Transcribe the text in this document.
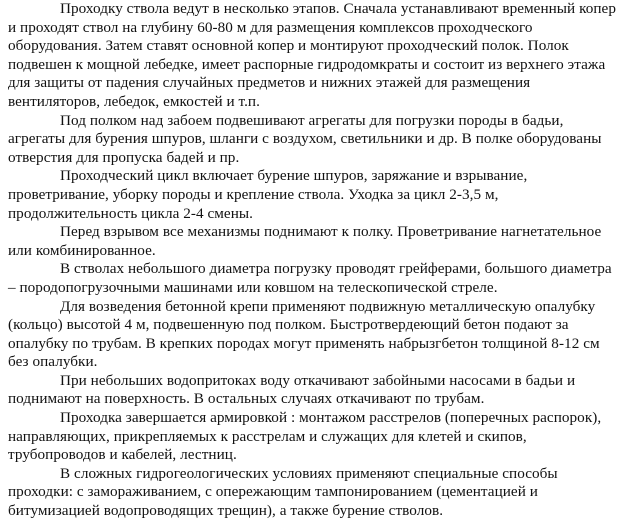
Проходку ствола ведут в несколько этапов. Сначала устанавливают временный копер и проходят ствол на глубину 60-80 м для размещения комплексов проходческого оборудования. Затем ставят основной копер и монтируют проходческий полок. Полок подвешен к мощной лебедке, имеет распорные гидродомкраты и состоит из верхнего этажа для защиты от падения случайных предметов и нижних этажей для размещения вентиляторов, лебедок, емкостей и т.п.

Под полком над забоем подвешивают агрегаты для погрузки породы в бадьи, агрегаты для бурения шпуров, шланги с воздухом, светильники и др. В полке оборудованы отверстия для пропуска бадей и пр.

Проходческий цикл включает бурение шпуров, заряжание и взрывание, проветривание, уборку породы и крепление ствола. Уходка за цикл 2-3,5 м, продолжительность цикла 2-4 смены.

Перед взрывом все механизмы поднимают к полку. Проветривание нагнетательное или комбинированное.

В стволах небольшого диаметра погрузку проводят грейферами, большого диаметра – породопогрузочными машинами или ковшом на телескопической стреле.

Для возведения бетонной крепи применяют подвижную металлическую опалубку (кольцо) высотой 4 м, подвешенную под полком. Быстротвердеющий бетон подают за опалубку по трубам. В крепких породах могут применять набрызгбетон толщиной 8-12 см без опалубки.

При небольших водопритоках воду откачивают забойными насосами в бадьи и поднимают на поверхность. В остальных случаях откачивают по трубам.

Проходка завершается армировкой : монтажом расстрелов (поперечных распорок), направляющих, прикрепляемых к расстрелам и служащих для клетей и скипов, трубопроводов и кабелей, лестниц.

В сложных гидрогеологических условиях применяют специальные способы проходки: с замораживанием, с опережающим тампонированием (цементацией и битумизацией водопроводящих трещин), а также бурение стволов.
